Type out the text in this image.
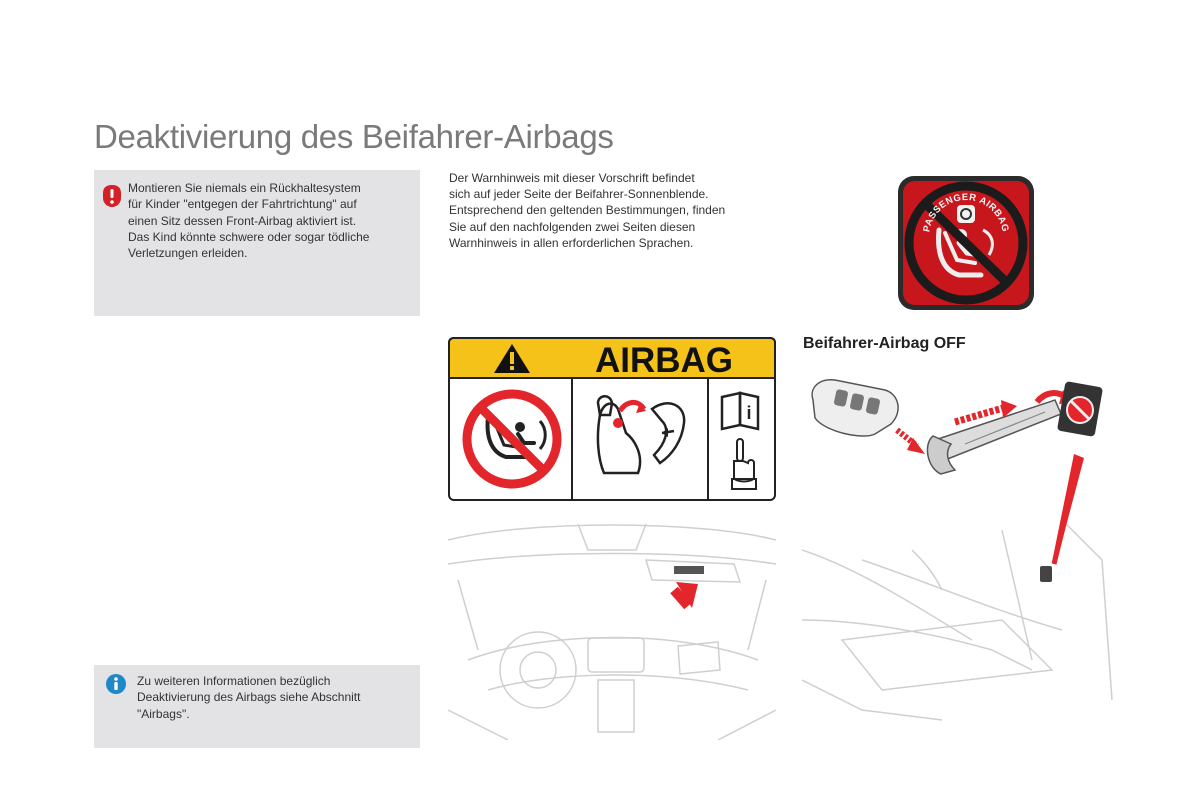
Deaktivierung des Beifahrer-Airbags
Montieren Sie niemals ein Rückhaltesystem
für Kinder "entgegen der Fahrtrichtung" auf
einen Sitz dessen Front-Airbag aktiviert ist.
Das Kind könnte schwere oder sogar tödliche
Verletzungen erleiden.
Der Warnhinweis mit dieser Vorschrift befindet
sich auf jeder Seite der Beifahrer-Sonnenblende.
Entsprechend den geltenden Bestimmungen, finden
Sie auf den nachfolgenden zwei Seiten diesen
Warnhinweis in allen erforderlichen Sprachen.
PASSENGER AIRBAG
AIRBAG
i
Beifahrer-Airbag OFF
Zu weiteren Informationen bezüglich
Deaktivierung des Airbags siehe Abschnitt
"Airbags".
